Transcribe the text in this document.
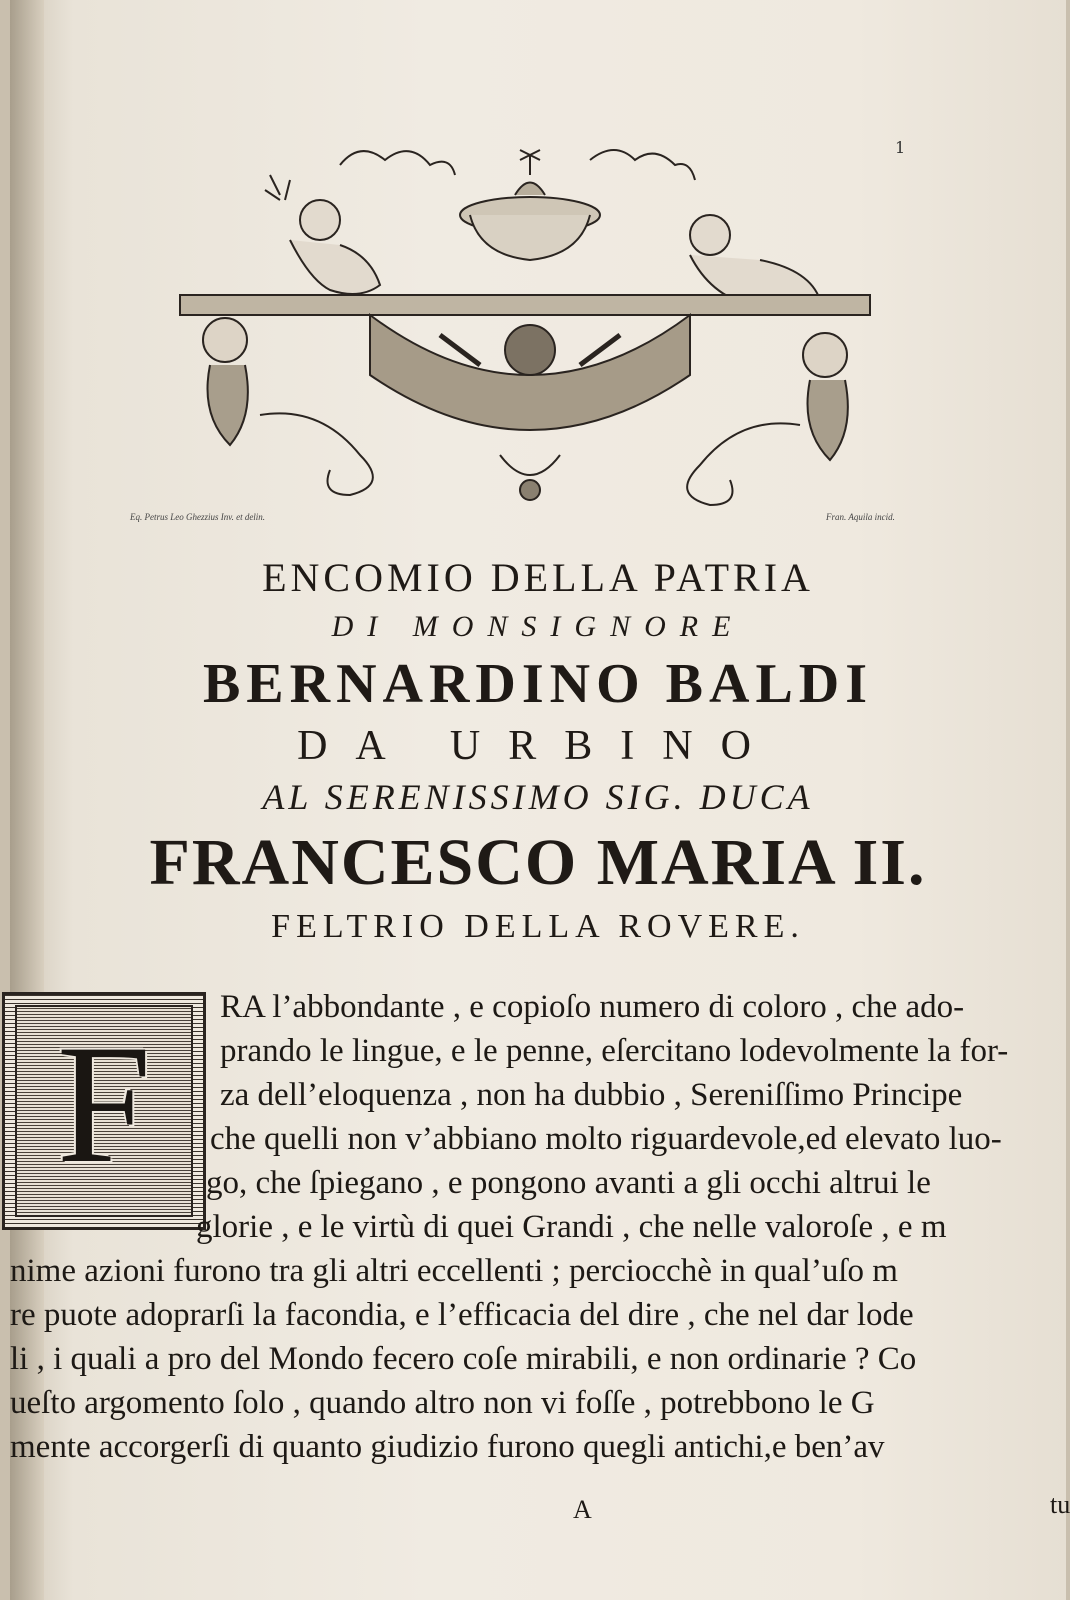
1
Eq. Petrus Leo Ghezzius Inv. et delin.	Fran. Aquila incid.
ENCOMIO DELLA PATRIA
DI MONSIGNORE
BERNARDINO BALDI
DA URBINO
AL SERENISSIMO SIG. DUCA
FRANCESCO MARIA II.
FELTRIO DELLA ROVERE.
F
RA l’abbondante , e copioſo numero di coloro , che ado-
prando le lingue, e le penne, eſercitano lodevolmente la for-
za dell’eloquenza , non ha dubbio , Sereniſſimo Principe
che quelli non v’abbiano molto riguardevole,ed elevato luo-
go, che ſpiegano , e pongono avanti a gli occhi altrui le
glorie , e le virtù di quei Grandi , che nelle valoroſe , e m
nime azioni furono tra gli altri eccellenti ; perciocchè in qual’uſo m
re puote adoprarſi la facondia, e l’efficacia del dire , che nel dar lode
li , i quali a pro del Mondo fecero coſe mirabili, e non ordinarie ? Co
ueſto argomento ſolo , quando altro non vi foſſe , potrebbono le G
mente accorgerſi di quanto giudizio furono quegli antichi,e ben’av
A	tu
